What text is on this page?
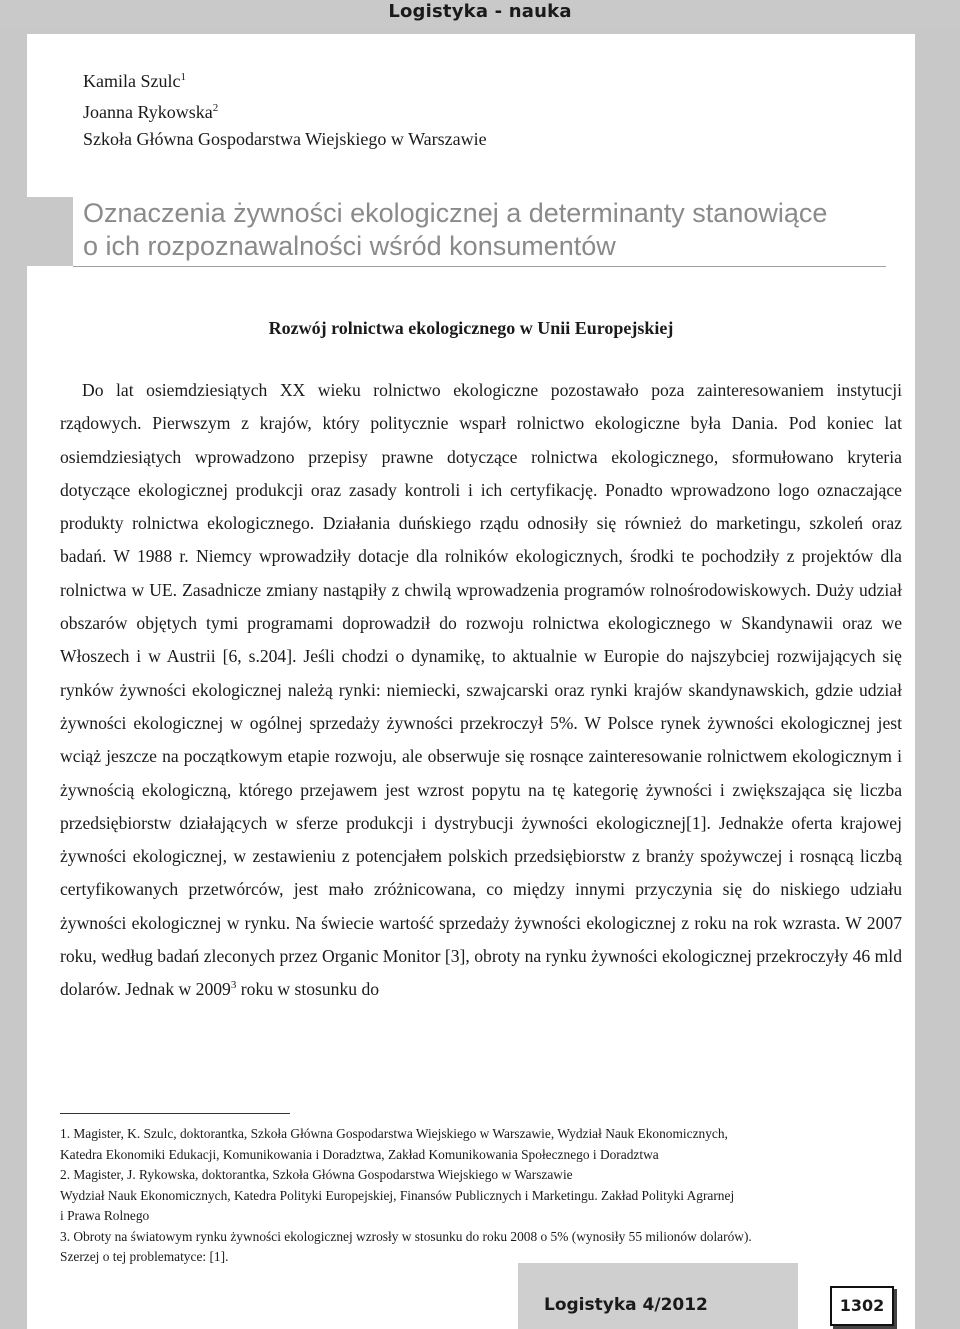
Logistyka - nauka
Kamila Szulc$^1$
Joanna Rykowska$^2$
Szkoła Główna Gospodarstwa Wiejskiego w Warszawie
Oznaczenia żywności ekologicznej a determinanty stanowiące
o ich rozpoznawalności wśród konsumentów
Rozwój rolnictwa ekologicznego w Unii Europejskiej

Do lat osiemdziesiątych XX wieku rolnictwo ekologiczne pozostawało poza zainteresowaniem instytucji rządowych. Pierwszym z krajów, który politycznie wsparł rolnictwo ekologiczne była Dania. Pod koniec lat osiemdziesiątych wprowadzono przepisy prawne dotyczące rolnictwa ekologicznego, sformułowano kryteria dotyczące ekologicznej produkcji oraz zasady kontroli i ich certyfikację. Ponadto wprowadzono logo oznaczające produkty rolnictwa ekologicznego. Działania duńskiego rządu odnosiły się również do marketingu, szkoleń oraz badań. W 1988 r. Niemcy wprowadziły dotacje dla rolników ekologicznych, środki te pochodziły z projektów dla rolnictwa w UE. Zasadnicze zmiany nastąpiły z chwilą wprowadzenia programów rolnośrodowiskowych. Duży udział obszarów objętych tymi programami doprowadził do rozwoju rolnictwa ekologicznego w Skandynawii oraz we Włoszech i w Austrii [6, s.204]. Jeśli chodzi o dynamikę, to aktualnie w Europie do najszybciej rozwijających się rynków żywności ekologicznej należą rynki: niemiecki, szwajcarski oraz rynki krajów skandynawskich, gdzie udział żywności ekologicznej w ogólnej sprzedaży żywności przekroczył 5%. W Polsce rynek żywności ekologicznej jest wciąż jeszcze na początkowym etapie rozwoju, ale obserwuje się rosnące zainteresowanie rolnictwem ekologicznym i żywnością ekologiczną, którego przejawem jest wzrost popytu na tę kategorię żywności i zwiększająca się liczba przedsiębiorstw działających w sferze produkcji i dystrybucji żywności ekologicznej[1]. Jednakże oferta krajowej żywności ekologicznej, w zestawieniu z potencjałem polskich przedsiębiorstw z branży spożywczej i rosnącą liczbą certyfikowanych przetwórców, jest mało zróżnicowana, co między innymi przyczynia się do niskiego udziału żywności ekologicznej w rynku. Na świecie wartość sprzedaży żywności ekologicznej z roku na rok wzrasta. W 2007 roku, według badań zleconych przez Organic Monitor [3], obroty na rynku żywności ekologicznej przekroczyły 46 mld dolarów. Jednak w 2009$^3$ roku w stosunku do

1. Magister, K. Szulc, doktorantka, Szkoła Główna Gospodarstwa Wiejskiego w Warszawie, Wydział Nauk Ekonomicznych,
Katedra Ekonomiki Edukacji, Komunikowania i Doradztwa, Zakład Komunikowania Społecznego i Doradztwa
2. Magister, J. Rykowska, doktorantka, Szkoła Główna Gospodarstwa Wiejskiego w Warszawie
Wydział Nauk Ekonomicznych, Katedra Polityki Europejskiej, Finansów Publicznych i Marketingu. Zakład Polityki Agrarnej
i Prawa Rolnego
3. Obroty na światowym rynku żywności ekologicznej wzrosły w stosunku do roku 2008 o 5% (wynosiły 55 milionów dolarów).
Szerzej o tej problematyce: [1].
Logistyka 4/2012	1302
